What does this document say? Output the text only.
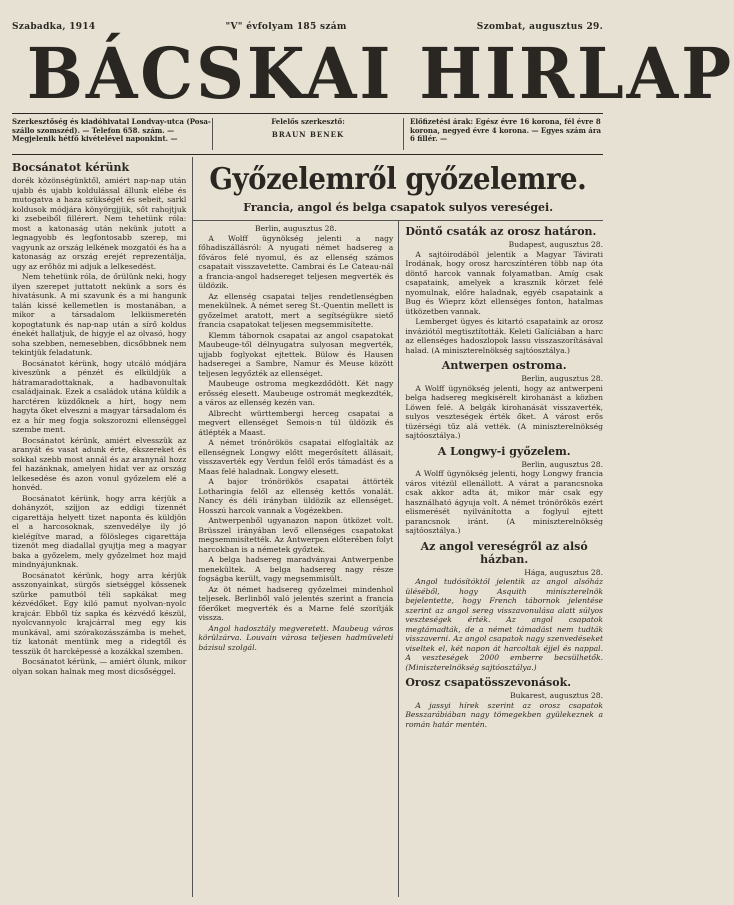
Szabadka, 1914	"V" évfolyam 185 szám	Szombat, augusztus 29.
BÁCSKAI HIRLAP
Szerkesztőség és kiadóhivatal Londvay-utca (Posa-szállo szomszéd). — Telefon 658. szám. — Megjelenik hétfő kivételével naponkint. —
Felelős szerkesztő:
BRAUN BENEK
Előfizetési árak: Egész évre 16 korona, fél évre 8 korona, negyed évre 4 korona. — Egyes szám ára 6 fillér. —
Bocsánatot kérünk

dorék közönségünktől, amiért nap-nap után ujabb és ujabb koldulással állunk elébe és mutogatva a haza szükségét és sebeit, sarkl koldusok módjára könyörgjjük, sőt rahojtjuk ki zsebeiből fillérert. Nem tehetünk róla: most a katonaság után nekünk jutott a legnagyobb és legfontosabb szerep, mi vagyunk az ország lelkének mozgatói és ha a katonaság az ország erejét reprezentálja, ugy az erőhöz mi adjuk a lelkesedést.

Nem tehetünk róla, de őrülünk neki, hogy ilyen szerepet juttatott nekünk a sors és hivatásunk. A mi szavunk és a mi hangunk talán kissé kellemetlen is mostanában, a mikor a társadalom lelkiismeretén kopogtatunk és nap-nap után a sírő koldus énekét hallatjuk, de higyje el az olvasó, hogy soha szebben, nemesebben, dicsőbbnek nem tekintjük feladatunk.

Bocsánatot kérünk, hogy utcáló módjára kiveszünk a pénzét és elküldjük a hátramaradottaknak, a hadbavonultak családjainak. Ezek a családok utána küldik a harctéren küzdőknek a hírt, hogy nem hagyta őket elveszni a magyar társadalom és ez a hír meg fogja sokszorozni ellenséggel szembe ment.

Bocsánatot kérünk, amiért elvesszük az aranyát és vasat adunk érte, ékszereket és sokkal szebb most annál és az aranynál hozz fel hazánknak, amelyen hidat ver az ország lelkesedése és azon vonul győzelem elé a honvéd.

Bocsánatot kérünk, hogy arra kérjük a dohányzót, szíjjon az eddigi tízennét cigarettája helyett tizet naponta és küldjön el a harcosoknak, szenvedélye ily jó kielégítve marad, a fölösleges cigarettája tizenöt meg diadallal gyujtja meg a magyar baka a győzelem, mely győzelmet hoz majd mindnyájunknak.

Bocsánatot kérünk, hogy arra kérjük asszonyainkat, sürgős sietséggel kössenek szürke pamutból téli sapkákat meg kézvédőket. Egy kiló pamut nyolvan-nyolc krajcár. Ebből tíz sapka és kézvédő készül, nyolcvannyolc krajcárral meg egy kis munkával, ami szórakozásszámba is mehet, tíz katonát mentünk meg a ridegtől és tesszük őt harcképessé a kozákkal szemben.

Bocsánatot kérünk, — amiért ólunk, mikor olyan sokan halnak meg most dicsőséggel.

Győzelemről győzelemre.
Francia, angol és belga csapatok sulyos vereségei.
Berlin, augusztus 28.

A Wolff ügynökség jelenti a nagy főhadiszállásról: A nyugati német hadsereg a főváros felé nyomul, és az ellenség számos csapatait visszavetette. Cambrai és Le Cateau-nál a francia-angol hadsereget teljesen megverték és üldözik.

Az ellenség csapatai teljes rendetlenségben menekülnek. A német sereg St.-Quentin mellett is győzelmet aratott, mert a segítségükre siető francia csapatokat teljesen megsemmisítette.

Klemm tábornok csapatai az angol csapatokat Maubeuge-től délnyugatra sulyosan megverték, ujjabb foglyokat ejtettek. Bülow és Hausen hadseregei a Sambre, Namur és Meuse között teljesen legyőzték az ellenséget.

Maubeuge ostroma megkezdődött. Két nagy erősség elesett. Maubeuge ostromát megkezdték, a város az ellenség kezén van.

Albrecht württembergi herceg csapatai a megvert ellenséget Semois-n túl üldözik és átlépték a Maast.

A német trónörökös csapatai elfoglalták az ellenségnek Longwy előtt megerősített állásait, visszaverték egy Verdun felől erős támadást és a Maas felé haladnak. Longwy elesett.

A bajor trónörökös csapatai áttörték Lotharingia felől az ellenség kettős vonalát. Nancy és déli irányban üldözik az ellenséget. Hosszú harcok vannak a Vogézekben.

Antwerpenből ugyanazon napon ütközet volt. Brüsszel irányában levő ellenséges csapatokat megsemmisítették. Az Antwerpen előterében folyt harcokban is a németek győztek.

A belga hadsereg maradványai Antwerpenbe menekültek. A belga hadsereg nagy része fogságba került, vagy megsemmisült.

Az öt német hadsereg győzelmei mindenhol teljesek. Berlinből való jelentés szerint a francia főerőket megverték és a Marne felé szorítják vissza.

Angol hadosztály megveretett. Maubeug város körülzárva. Louvain városa teljesen hadmüveleti bázisul szolgál.

Döntő csaták az orosz határon.
Budapest, augusztus 28.

A sajtóirodából jelentik a Magyar Távirati Irodának, hogy orosz harcszíntéren több nap óta döntő harcok vannak folyamatban. Amíg csak csapataink, amelyek a krasznik körzet felé nyomulnak, előre haladnak, egyéb csapataink a Bug és Wieprz közt ellenséges fonton, hatalmas ütközetben vannak.

Lemberget ügyes és kitartó csapataink az orosz inváziótól megtisztították. Keleti Galíciában a harc az ellenséges hadoszlopok lassu visszaszorításával halad. (A miniszterelnökség sajtóosztálya.)

Antwerpen ostroma.
Berlin, augusztus 28.

A Wolff ügynökség jelenti, hogy az antwerpeni belga hadsereg megkisérelt kirohanást a közben Löwen felé. A belgák kirohanását visszaverték, sulyos veszteségek érték őket. A várost erős tüzérségi tűz alá vették. (A miniszterelnökség sajtóosztálya.)

A Longwy-i győzelem.
Berlin, augusztus 28.

A Wolff ügynökség jelenti, hogy Longwy francia város vitézül ellenállott. A várat a parancsnoka csak akkor adta át, mikor már csak egy használható ágyuja volt. A német trónörökös ezért elismerését nyilvánította a foglyul ejtett parancsnok iránt. (A miniszterelnökség sajtóosztálya.)

Az angol vereségről az alsó házban.
Hága, augusztus 28.

Angol tudósítóktól jelentik az angol alsóház üléséből, hogy Asquith miniszterelnök bejelentette, hogy French tábornok jelentése szerint az angol sereg visszavonulása alatt súlyos veszteségek érték. Az angol csapatok megtámadták, de a német támadást nem tudták visszaverni. Az angol csapatok nagy szenvedéseket viseltek el, két napon át harcoltak éjjel és nappal. A veszteségek 2000 emberre becsülhetők. (Miniszterelnökség sajtóosztálya.)

Orosz csapatösszevonások.
Bukarest, augusztus 28.

A jassyi hírek szerint az orosz csapatok Besszarábiában nagy tömegekben gyülekeznek a román határ mentén.
